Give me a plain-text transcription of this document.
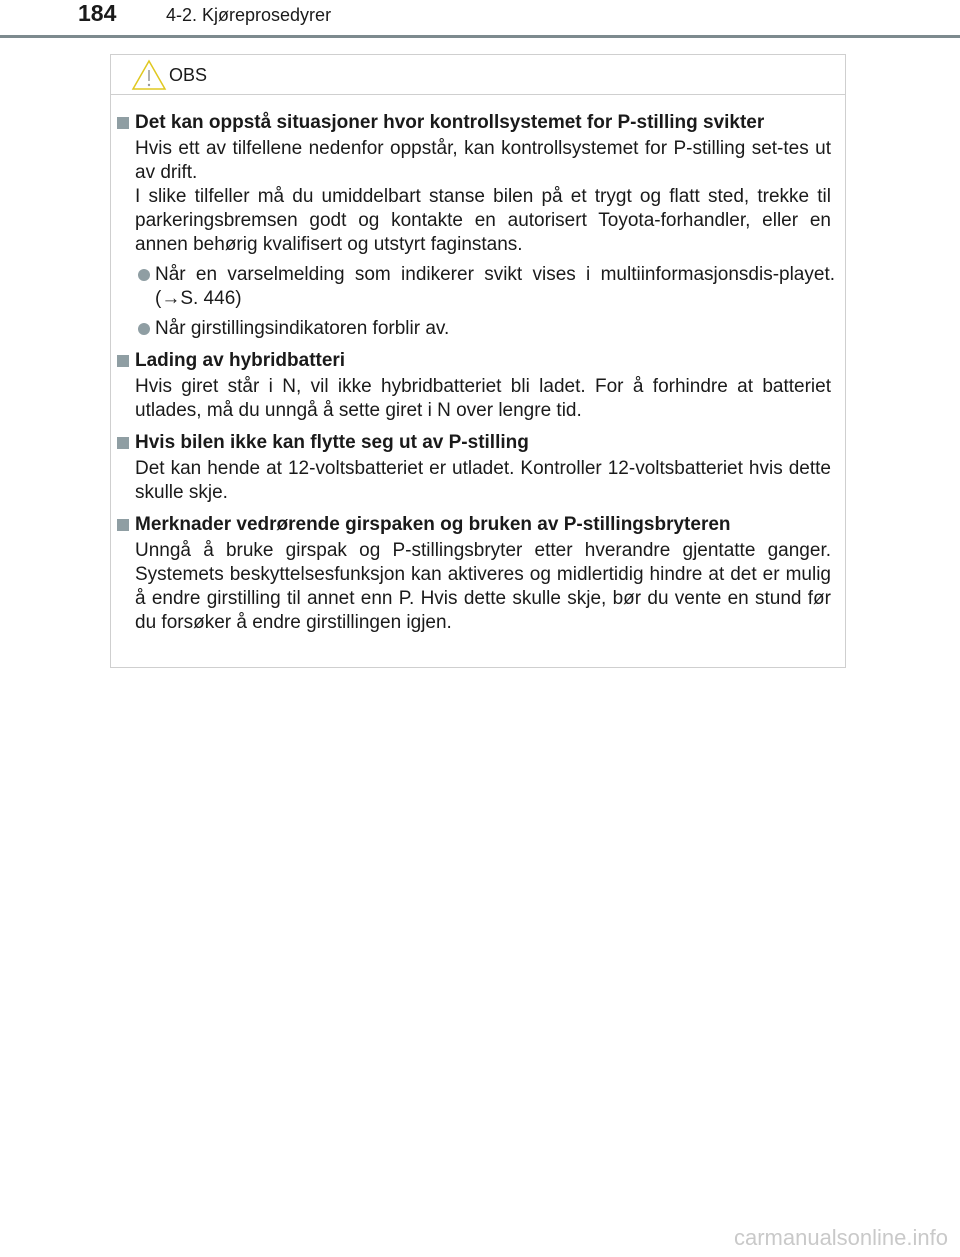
184	4-2. Kjøreprosedyrer
OBS
Det kan oppstå situasjoner hvor kontrollsystemet for P-stilling svikter
Hvis ett av tilfellene nedenfor oppstår, kan kontrollsystemet for P-stilling set-tes ut av drift.
I slike tilfeller må du umiddelbart stanse bilen på et trygt og flatt sted, trekke til parkeringsbremsen godt og kontakte en autorisert Toyota-forhandler, eller en annen behørig kvalifisert og utstyrt faginstans.
Når en varselmelding som indikerer svikt vises i multiinformasjonsdis-playet. (→S. 446)
Når girstillingsindikatoren forblir av.
Lading av hybridbatteri
Hvis giret står i N, vil ikke hybridbatteriet bli ladet. For å forhindre at batteriet utlades, må du unngå å sette giret i N over lengre tid.
Hvis bilen ikke kan flytte seg ut av P-stilling
Det kan hende at 12-voltsbatteriet er utladet. Kontroller 12-voltsbatteriet hvis dette skulle skje.
Merknader vedrørende girspaken og bruken av P-stillingsbryteren
Unngå å bruke girspak og P-stillingsbryter etter hverandre gjentatte ganger. Systemets beskyttelsesfunksjon kan aktiveres og midlertidig hindre at det er mulig å endre girstilling til annet enn P. Hvis dette skulle skje, bør du vente en stund før du forsøker å endre girstillingen igjen.
carmanualsonline.info
